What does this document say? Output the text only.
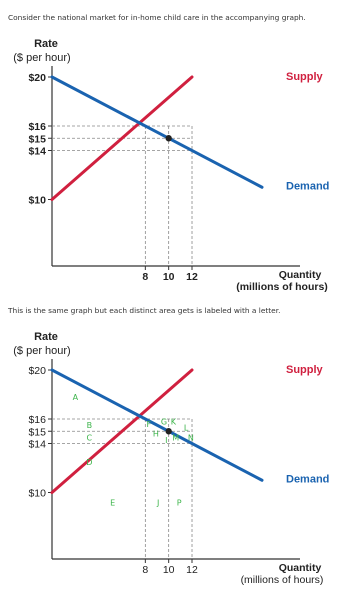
Consider the national market for in-home child care in the accompanying graph.
Rate
($ per hour)
$20
$16
$15
$14
$10
8 10 12
Supply
Demand
Quantity
(millions of hours)
This is the same graph but each distinct area gets is labeled with a letter.
Rate
($ per hour)
$20
$16
$15
$14
$10
8 10 12
Supply
Demand
A
B
C
D
E
F G K
L
H
I M N
J P
Quantity
(millions of hours)
